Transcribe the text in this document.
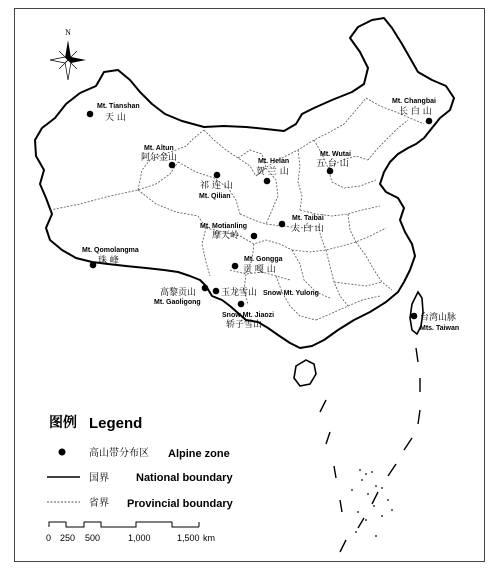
N
Mt. Tianshan
天 山
Mt. Altun
阿尔金山
祁 连 山
Mt. Qilian
Mt. Helan
贺 兰 山
Mt. Wutai
五 台 山
Mt. Changbai
长 白 山
Mt. Taibai
太 白 山
Mt. Motianling
摩天岭
Mt. Qomolangma
珠 峰	Mt. Gongga
贡 嘎 山
高黎贡山
Mt. Gaoligong
玉龙雪山 Snow Mt. Yulong
Snow Mt. Jiaozi
轿子雪山
台湾山脉
Mts. Taiwan
图例 Legend
高山带分布区 Alpine zone
国界 National boundary
省界 Provincial boundary
0 250 500	1,000	1,500 km
